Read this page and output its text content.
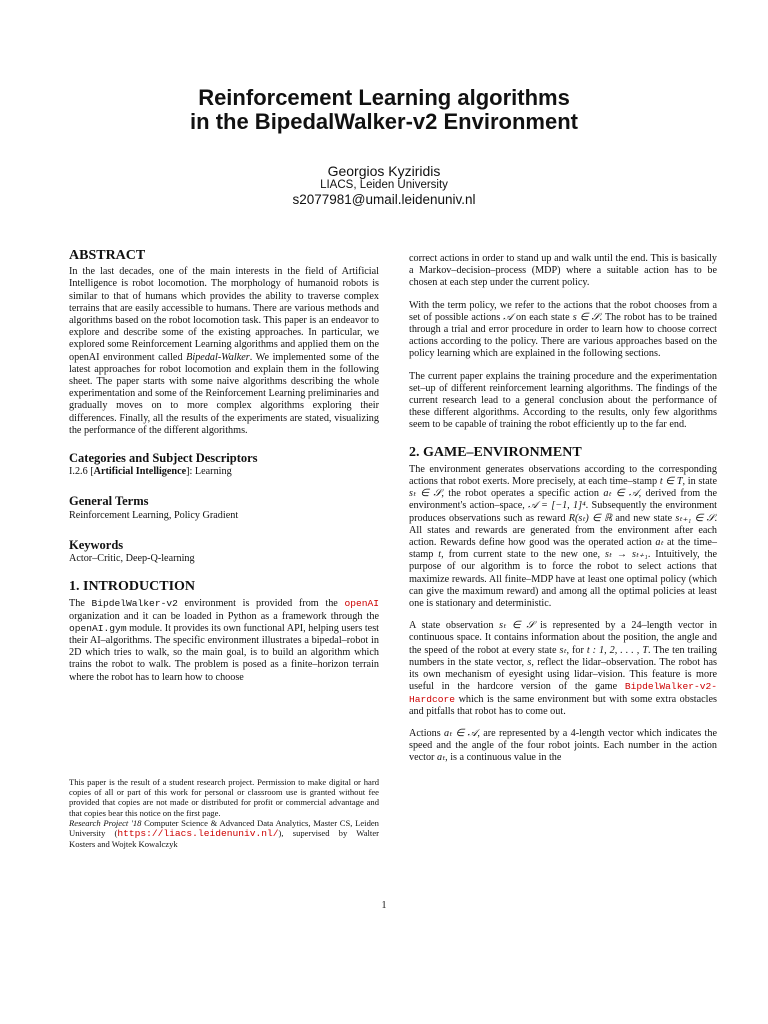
Reinforcement Learning algorithms
in the BipedalWalker-v2 Environment
Georgios Kyziridis
LIACS, Leiden University
s2077981@umail.leidenuniv.nl
ABSTRACT

In the last decades, one of the main interests in the field of Artificial Intelligence is robot locomotion. The morphology of humanoid robots is similar to that of humans which provides the ability to traverse complex terrains that are easily accessible to humans. There are various methods and algorithms based on the robot locomotion task. This paper is an endeavor to explore and describe some of the existing approaches. In particular, we explored some Reinforcement Learning algorithms and applied them on the openAI environment called Bipedal-Walker. We implemented some of the latest approaches for robot locomotion and explain them in the following sheet. The paper starts with some naive algorithms describing the whole experimentation and some of the Reinforcement Learning preliminaries and gradually moves on to more complex algorithms exploring their differences. Finally, all the results of the experiments are stated, visualizing the performance of the different algorithms.

Categories and Subject Descriptors

I.2.6 [Artificial Intelligence]: Learning

General Terms

Reinforcement Learning, Policy Gradient

Keywords

Actor–Critic, Deep-Q-learning

1. INTRODUCTION

The BipdelWalker-v2 environment is provided from the openAI organization and it can be loaded in Python as a framework through the openAI.gym module. It provides its own functional API, helping users test their AI–algorithms. The specific environment illustrates a bipedal–robot in 2D which tries to walk, so the main goal, is to build an algorithm which trains the robot to walk. The problem is posed as a finite–horizon terrain where the robot has to learn how to choose

This paper is the result of a student research project. Permission to make digital or hard copies of all or part of this work for personal or classroom use is granted without fee provided that copies are not made or distributed for profit or commercial advantage and that copies bear this notice on the first page.

Research Project '18 Computer Science & Advanced Data Analytics, Master CS, Leiden University (https://liacs.leidenuniv.nl/), supervised by Walter Kosters and Wojtek Kowalczyk

correct actions in order to stand up and walk until the end. This is basically a Markov–decision–process (MDP) where a suitable action has to be chosen at each step under the current policy.

With the term policy, we refer to the actions that the robot chooses from a set of possible actions 𝒜 on each state s ∈ 𝒮. The robot has to be trained through a trial and error procedure in order to learn how to choose correct actions according to the policy. There are various approaches based on the policy learning which are explained in the following sections.

The current paper explains the training procedure and the experimentation set–up of different reinforcement learning algorithms. The findings of the current research lead to a general conclusion about the performance of these different algorithms. According to the results, only few algorithms seem to be capable of training the robot efficiently up to the far end.

2. GAME–ENVIRONMENT

The environment generates observations according to the corresponding actions that robot exerts. More precisely, at each time–stamp t ∈ T, in state sₜ ∈ 𝒮, the robot operates a specific action aₜ ∈ 𝒜, derived from the environment's action–space, 𝒜 = [−1, 1]⁴. Subsequently the environment produces observations such as reward R(sₜ) ∈ ℝ and new state sₜ₊₁ ∈ 𝒮. All states and rewards are generated from the environment after each action. Rewards define how good was the operated action aₜ at the time–stamp t, from current state to the new one, sₜ → sₜ₊₁. Intuitively, the purpose of our algorithm is to force the robot to select actions that maximize rewards. All finite–MDP have at least one optimal policy (which can give the maximum reward) and among all the optimal policies at least one is stationary and deterministic.

A state observation sₜ ∈ 𝒮 is represented by a 24–length vector in continuous space. It contains information about the position, the angle and the speed of the robot at every state sₜ, for t : 1, 2, . . . , T. The ten trailing numbers in the state vector, s, reflect the lidar–observation. The robot has its own mechanism of eyesight using lidar–vision. This feature is more useful in the hardcore version of the game BipdelWalker-v2-Hardcore which is the same environment but with some extra obstacles and pitfalls that robot has to come out.

Actions aₜ ∈ 𝒜, are represented by a 4-length vector which indicates the speed and the angle of the four robot joints. Each number in the action vector aₜ, is a continuous value in the

1
